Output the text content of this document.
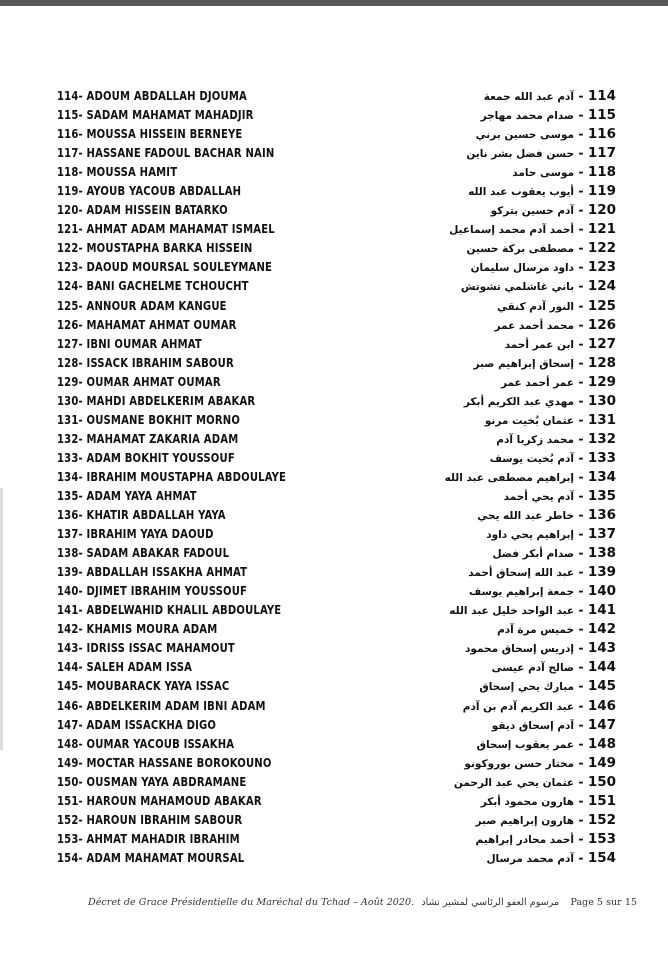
114- ADOUM ABDALLAH DJOUMA	114 - آدم عبد الله جمعة
115- SADAM MAHAMAT MAHADJIR	115 - صدام محمد مهاجر
116- MOUSSA HISSEIN BERNEYE	116 - موسى حسين برني
117- HASSANE FADOUL BACHAR NAIN	117 - حسن فضل بشر ناين
118- MOUSSA HAMIT	118 - موسى حامد
119- AYOUB YACOUB ABDALLAH	119 - أيوب يعقوب عبد الله
120- ADAM HISSEIN BATARKO	120 - آدم حسين بتركو
121- AHMAT ADAM MAHAMAT ISMAEL	121 - أحمد آدم محمد إسماعيل
122- MOUSTAPHA BARKA HISSEIN	122 - مصطفى بركة حسين
123- DAOUD MOURSAL SOULEYMANE	123 - داود مرسال سليمان
124- BANI GACHELME TCHOUCHT	124 - باني غاشلمي تشوتش
125- ANNOUR ADAM KANGUE	125 - النور آدم كنقي
126- MAHAMAT AHMAT OUMAR	126 - محمد أحمد عمر
127- IBNI OUMAR AHMAT	127 - ابن عمر أحمد
128- ISSACK IBRAHIM SABOUR	128 - إسحاق إبراهيم صبر
129- OUMAR AHMAT OUMAR	129 - عمر أحمد عمر
130- MAHDI ABDELKERIM ABAKAR	130 - مهدي عبد الكريم أبكر
131- OUSMANE BOKHIT MORNO	131 - عثمان بُخيت مرنو
132- MAHAMAT ZAKARIA ADAM	132 - محمد زكريا آدم
133- ADAM BOKHIT YOUSSOUF	133 - آدم بُخيت يوسف
134- IBRAHIM MOUSTAPHA ABDOULAYE	134 - إبراهيم مصطفى عبد الله
135- ADAM YAYA AHMAT	135 - آدم يحي أحمد
136- KHATIR ABDALLAH YAYA	136 - خاطر عبد الله يحي
137- IBRAHIM YAYA DAOUD	137 - إبراهيم يحي داود
138- SADAM ABAKAR FADOUL	138 - صدام أبكر فضل
139- ABDALLAH ISSAKHA AHMAT	139 - عبد الله إسحاق أحمد
140- DJIMET IBRAHIM YOUSSOUF	140 - جمعة إبراهيم يوسف
141- ABDELWAHID KHALIL ABDOULAYE	141 - عبد الواحد خليل عبد الله
142- KHAMIS MOURA ADAM	142 - خميس مرة آدم
143- IDRISS ISSAC MAHAMOUT	143 - إدريس إسحاق محمود
144- SALEH ADAM ISSA	144 - صالح آدم عيسى
145- MOUBARACK YAYA ISSAC	145 - مبارك يحي إسحاق
146- ABDELKERIM ADAM IBNI ADAM	146 - عبد الكريم آدم بن آدم
147- ADAM ISSACKHA DIGO	147 - آدم إسحاق ديقو
148- OUMAR YACOUB ISSAKHA	148 - عمر يعقوب إسحاق
149- MOCTAR HASSANE BOROKOUNO	149 - مختار حسن بوروكونو
150- OUSMAN YAYA ABDRAMANE	150 - عثمان يحي عبد الرحمن
151- HAROUN MAHAMOUD ABAKAR	151 - هارون محمود أبكر
152- HAROUN IBRAHIM SABOUR	152 - هارون إبراهيم صبر
153- AHMAT MAHADIR IBRAHIM	153 - أحمد محادر إبراهيم
154- ADAM MAHAMAT MOURSAL	154 - آدم محمد مرسال
Décret de Grace Présidentielle du Maréchal du Tchad – Août 2020. مرسوم العفو الرئاسي لمشير تشاد Page 5 sur 15
